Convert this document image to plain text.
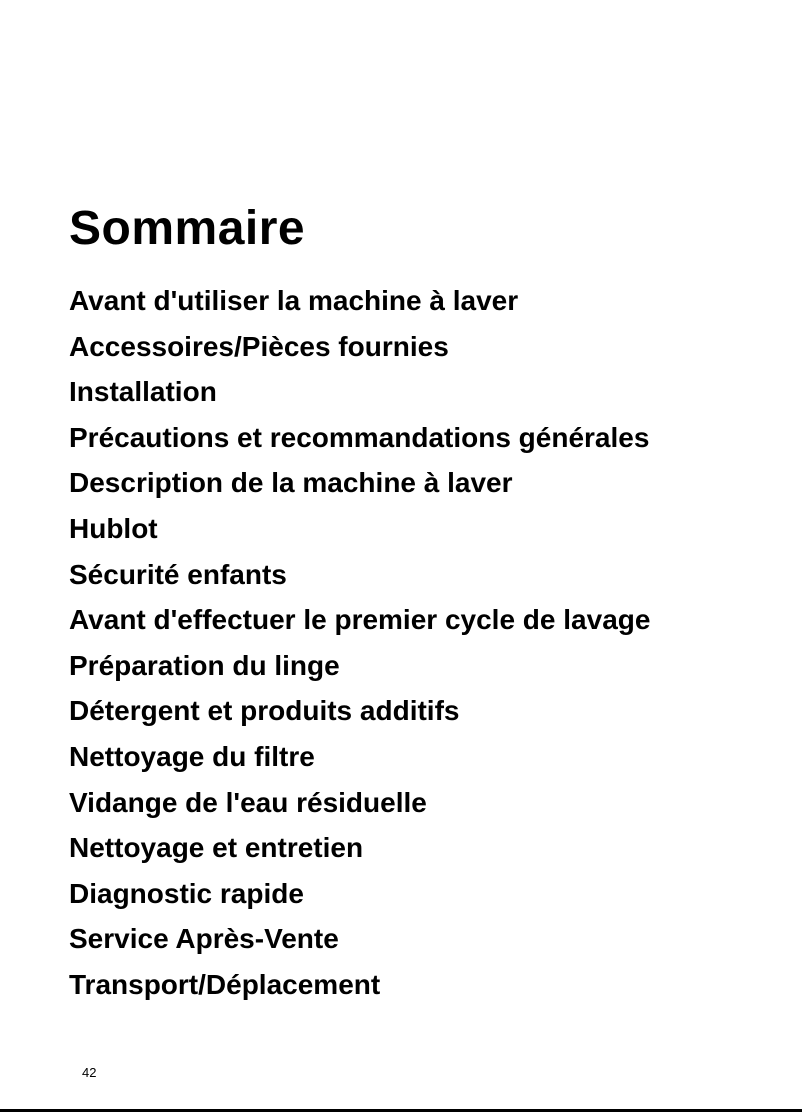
Sommaire
Avant d'utiliser la machine à laver
Accessoires/Pièces fournies
Installation
Précautions et recommandations générales
Description de la machine à laver
Hublot
Sécurité enfants
Avant d'effectuer le premier cycle de lavage
Préparation du linge
Détergent et produits additifs
Nettoyage du filtre
Vidange de l'eau résiduelle
Nettoyage et entretien
Diagnostic rapide
Service Après-Vente
Transport/Déplacement
42
